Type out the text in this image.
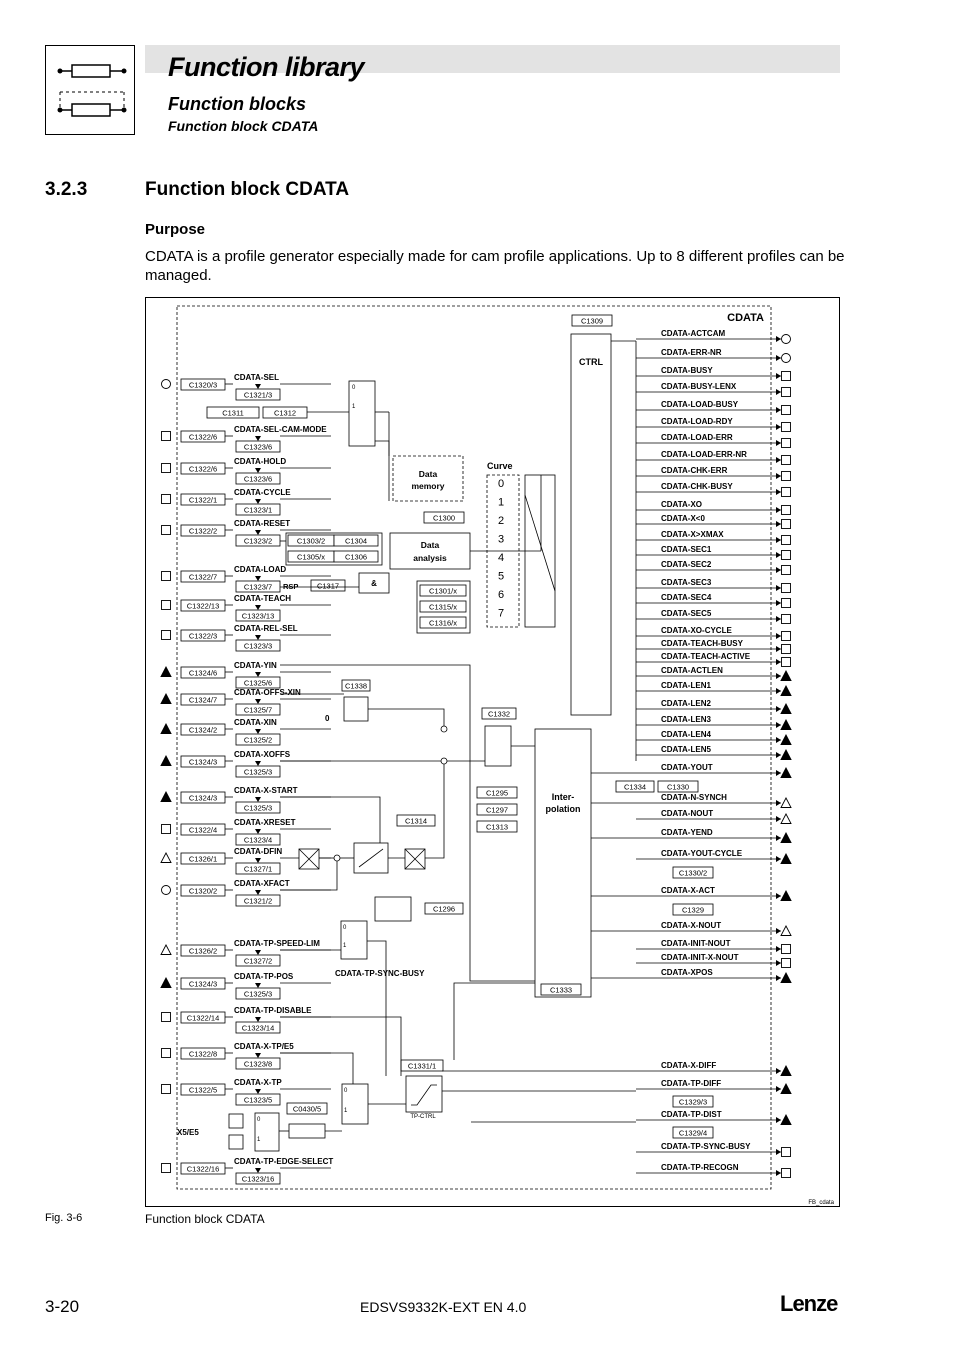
Function library
Function blocks
Function block CDATA
3.2.3	Function block CDATA
Purpose
CDATA is a profile generator especially made for cam profile applications. Up to 8 different profiles can be managed.
CDATA
C1320/3
CDATA-SEL
C1321/3
C1322/6
CDATA-SEL-CAM-MODE
C1323/6
C1322/6
CDATA-HOLD
C1323/6
C1322/1
CDATA-CYCLE
C1323/1
C1322/2
CDATA-RESET
C1323/2
C1322/7
CDATA-LOAD
C1323/7
C1322/13
CDATA-TEACH
C1323/13
C1322/3
CDATA-REL-SEL
C1323/3
C1324/6
CDATA-YIN
C1325/6
C1324/7
CDATA-OFFS-XIN
C1325/7
C1324/2
CDATA-XIN
C1325/2
C1324/3
CDATA-XOFFS
C1325/3
C1324/3
CDATA-X-START
C1325/3
C1322/4
CDATA-XRESET
C1323/4
C1326/1
CDATA-DFIN
C1327/1
C1320/2
CDATA-XFACT
C1321/2
C1326/2
CDATA-TP-SPEED-LIM
C1327/2
C1324/3
CDATA-TP-POS
C1325/3
C1322/14
CDATA-TP-DISABLE
C1323/14
C1322/8
CDATA-X-TP/E5
C1323/8
C1322/5
CDATA-X-TP
C1323/5
C1322/16
CDATA-TP-EDGE-SELECT
C1323/16
CDATA-ACTCAM
CDATA-ERR-NR
CDATA-BUSY
CDATA-BUSY-LENX
CDATA-LOAD-BUSY
CDATA-LOAD-RDY
CDATA-LOAD-ERR
CDATA-LOAD-ERR-NR
CDATA-CHK-ERR
CDATA-CHK-BUSY
CDATA-XO
CDATA-X<0
CDATA-X>XMAX
CDATA-SEC1
CDATA-SEC2
CDATA-SEC3
CDATA-SEC4
CDATA-SEC5
CDATA-XO-CYCLE
CDATA-TEACH-BUSY
CDATA-TEACH-ACTIVE
CDATA-ACTLEN
CDATA-LEN1
CDATA-LEN2
CDATA-LEN3
CDATA-LEN4
CDATA-LEN5
CDATA-YOUT
CDATA-N-SYNCH
CDATA-NOUT
CDATA-YEND
CDATA-YOUT-CYCLE
CDATA-X-ACT
CDATA-X-NOUT
CDATA-INIT-NOUT
CDATA-INIT-X-NOUT
CDATA-XPOS
CDATA-X-DIFF
CDATA-TP-DIFF
CDATA-TP-DIST
CDATA-TP-SYNC-BUSY
CDATA-TP-RECOGN
C1309
CTRL
0
1
C1311	C1312
Data
memory
C1300
Data
analysis
C1303/2	C1304
C1305/x	C1306
C1301/x
C1315/x
C1316/x
&
RSP C1317
Curve
0
1
2
3
4
5
6
7
C1338
0	C1332
Inter-
polation
C1295
C1297
C1313
C1333
C1334	C1330
C1330/2
C1329
C1314
C1296
0
1
CDATA-TP-SYNC-BUSY
C1331/1
TP-CTRL
0
1
C0430/5
0
1
X5/E5
C1329/3
C1329/4
FB_cdata
Fig. 3-6	Function block CDATA
3-20	EDSVS9332K-EXT EN 4.0	Lenze
